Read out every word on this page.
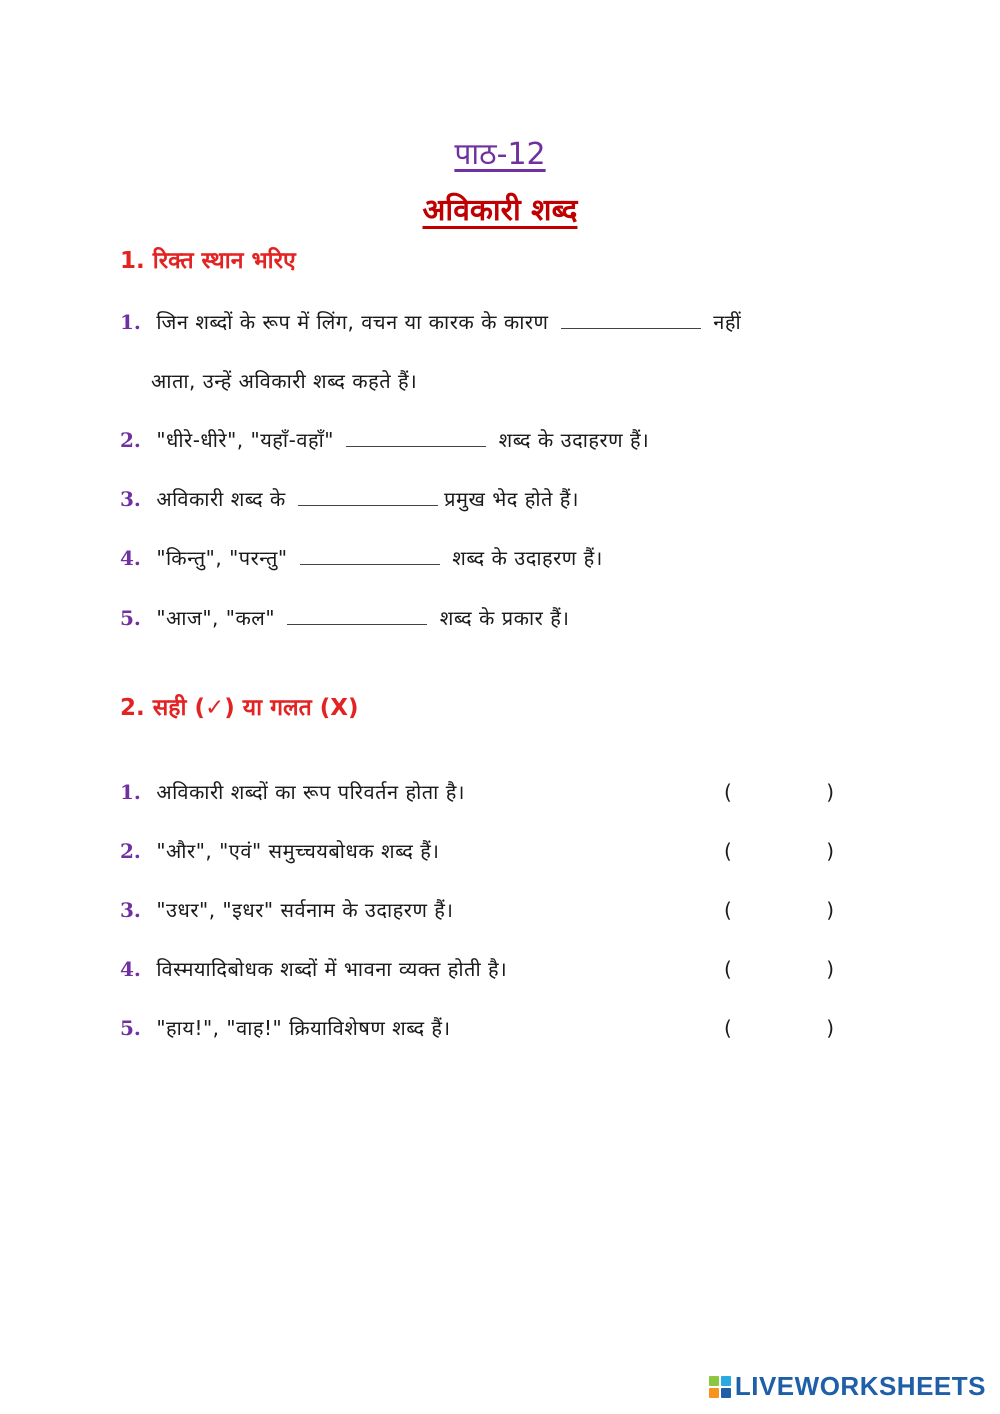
पाठ-12
अविकारी शब्द
1. रिक्त स्थान भरिए
1. जिन शब्दों के रूप में लिंग, वचन या कारक के कारण	नहीं
आता, उन्हें अविकारी शब्द कहते हैं।
2. "धीरे-धीरे", "यहाँ-वहाँ"	शब्द के उदाहरण हैं।
3. अविकारी शब्द के	प्रमुख भेद होते हैं।
4. "किन्तु", "परन्तु"	शब्द के उदाहरण हैं।
5. "आज", "कल"	शब्द के प्रकार हैं।
2. सही (✓) या गलत (X)
1. अविकारी शब्दों का रूप परिवर्तन होता है।	(	)
2. "और", "एवं" समुच्चयबोधक शब्द हैं।	(	)
3. "उधर", "इधर" सर्वनाम के उदाहरण हैं।	(	)
4. विस्मयादिबोधक शब्दों में भावना व्यक्त होती है।	(	)
5. "हाय!", "वाह!" क्रियाविशेषण शब्द हैं।	(	)
LIVEWORKSHEETS
